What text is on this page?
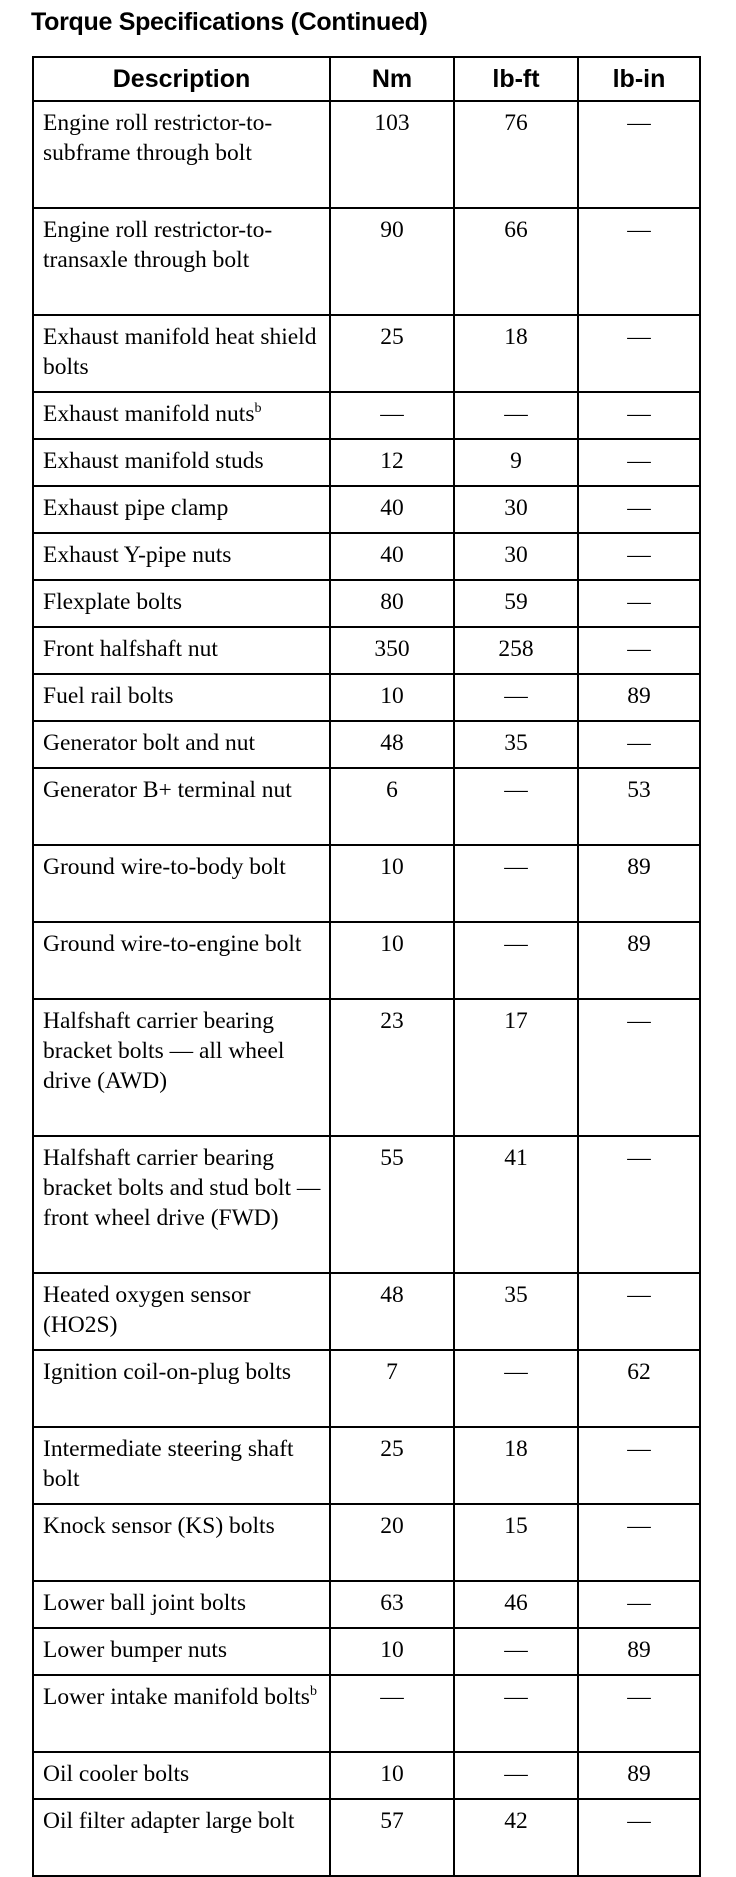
Torque Specifications (Continued)
Description	Nm	lb-ft	lb-in
Engine roll restrictor-to-subframe through bolt	103	76	—
Engine roll restrictor-to-transaxle through bolt	90	66	—
Exhaust manifold heat shield bolts	25	18	—
Exhaust manifold nuts$^b$	—	—	—
Exhaust manifold studs	12	9	—
Exhaust pipe clamp	40	30	—
Exhaust Y-pipe nuts	40	30	—
Flexplate bolts	80	59	—
Front halfshaft nut	350	258	—
Fuel rail bolts	10	—	89
Generator bolt and nut	48	35	—
Generator B+ terminal nut	6	—	53
Ground wire-to-body bolt	10	—	89
Ground wire-to-engine bolt	10	—	89
Halfshaft carrier bearing bracket bolts — all wheel drive (AWD)	23	17	—
Halfshaft carrier bearing bracket bolts and stud bolt — front wheel drive (FWD)	55	41	—
Heated oxygen sensor (HO2S)	48	35	—
Ignition coil-on-plug bolts	7	—	62
Intermediate steering shaft bolt	25	18	—
Knock sensor (KS) bolts	20	15	—
Lower ball joint bolts	63	46	—
Lower bumper nuts	10	—	89
Lower intake manifold bolts$^b$	—	—	—
Oil cooler bolts	10	—	89
Oil filter adapter large bolt	57	42	—
